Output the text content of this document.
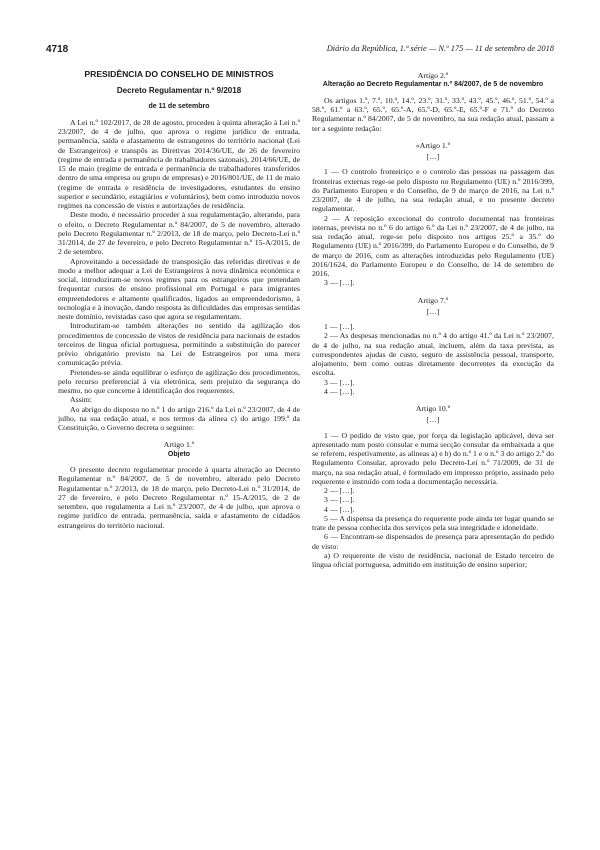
4718	Diário da República, 1.ª série — N.º 175 — 11 de setembro de 2018
PRESIDÊNCIA DO CONSELHO DE MINISTROS
Decreto Regulamentar n.º 9/2018
de 11 de setembro

A Lei n.º 102/2017, de 28 de agosto, procedeu à quinta alteração à Lei n.º 23/2007, de 4 de julho, que aprova o regime jurídico de entrada, permanência, saída e afastamento de estrangeiros do território nacional (Lei de Estrangeiros) e transpôs as Diretivas 2014/36/UE, de 26 de fevereiro (regime de entrada e permanência de trabalhadores sazonais), 2014/66/UE, de 15 de maio (regime de entrada e permanência de trabalhadores transferidos dentro de uma empresa ou grupo de empresas) e 2016/801/UE, de 11 de maio (regime de entrada e residência de investigadores, estudantes do ensino superior e secundário, estagiários e voluntários), bem como introduziu novos regimes na concessão de vistos e autorizações de residência.

Deste modo, é necessário proceder à sua regulamentação, alterando, para o efeito, o Decreto Regulamentar n.º 84/2007, de 5 de novembro, alterado pelo Decreto Regulamentar n.º 2/2013, de 18 de março, pelo Decreto-Lei n.º 31/2014, de 27 de fevereiro, e pelo Decreto Regulamentar n.º 15-A/2015, de 2 de setembro.

Aproveitando a necessidade de transposição das referidas diretivas e de modo a melhor adequar a Lei de Estrangeiros à nova dinâmica económica e social, introduziram-se novos regimes para os estrangeiros que pretendam frequentar cursos de ensino profissional em Portugal e para imigrantes empreendedores e altamente qualificados, ligados ao empreendedorismo, à tecnologia e à inovação, dando resposta às dificuldades das empresas sentidas neste domínio, revistadas caso que agora se regulamentam.

Introduziram-se também alterações no sentido da agilização dos procedimentos de concessão de vistos de residência para nacionais de estados terceiros de língua oficial portuguesa, permitindo a substituição do parecer prévio obrigatório previsto na Lei de Estrangeiros por uma mera comunicação prévia.

Pretendeu-se ainda equilibrar o esforço de agilização dos procedimentos, pelo recurso preferencial à via eletrónica, sem prejuízo da segurança do mesmo, no que concerne à identificação dos requerentes.

Assim:

Ao abrigo do disposto no n.º 1 do artigo 216.º da Lei n.º 23/2007, de 4 de julho, na sua redação atual, e nos termos da alínea c) do artigo 199.º da Constituição, o Governo decreta o seguinte:

Artigo 1.º
Objeto

O presente decreto regulamentar procede à quarta alteração ao Decreto Regulamentar n.º 84/2007, de 5 de novembro, alterado pelo Decreto Regulamentar n.º 2/2013, de 18 de março, pelo Decreto-Lei n.º 31/2014, de 27 de fevereiro, e pelo Decreto Regulamentar n.º 15-A/2015, de 2 de setembro, que regulamenta a Lei n.º 23/2007, de 4 de julho, que aprova o regime jurídico de entrada, permanência, saída e afastamento de cidadãos estrangeiros do território nacional.

Artigo 2.º
Alteração ao Decreto Regulamentar n.º 84/2007, de 5 de novembro

Os artigos 1.º, 7.º, 10.º, 14.º, 23.º, 31.º, 33.º, 43.º, 45.º, 46.º, 51.º, 54.º a 58.º, 61.º a 63.º, 65.º, 65.º-A, 65.º-D, 65.º-E, 65.º-F e 71.º do Decreto Regulamentar n.º 84/2007, de 5 de novembro, na sua redação atual, passam a ter a seguinte redação:

«Artigo 1.º
[…]

1 — O controlo fronteiriço e o controlo das pessoas na passagem das fronteiras externas rege-se pelo disposto no Regulamento (UE) n.º 2016/399, do Parlamento Europeu e do Conselho, de 9 de março de 2016, na Lei n.º 23/2007, de 4 de julho, na sua redação atual, e no presente decreto regulamentar.

2 — A reposição excecional do controlo documental nas fronteiras internas, prevista no n.º 6 do artigo 6.º da Lei n.º 23/2007, de 4 de julho, na sua redação atual, rege-se pelo disposto nos artigos 25.º a 35.º do Regulamento (UE) n.º 2016/399, do Parlamento Europeu e do Conselho, de 9 de março de 2016, com as alterações introduzidas pelo Regulamento (UE) 2016/1624, do Parlamento Europeu e do Conselho, de 14 de setembro de 2016.

3 — […].

Artigo 7.º
[…]

1 — […].

2 — As despesas mencionadas no n.º 4 do artigo 41.º da Lei n.º 23/2007, de 4 de julho, na sua redação atual, incluem, além da taxa prevista, as correspondentes ajudas de custo, seguro de assistência pessoal, transporte, alojamento, bem como outras diretamente decorrentes da execução da escolta.

3 — […].

4 — […].

Artigo 10.º
[…]

1 — O pedido de visto que, por força da legislação aplicável, deva ser apresentado num posto consular e numa secção consular da embaixada a que se referem, respetivamente, as alíneas a) e b) do n.º 1 e o n.º 3 do artigo 2.º do Regulamento Consular, aprovado pelo Decreto-Lei n.º 71/2009, de 31 de março, na sua redação atual, é formulado em impresso próprio, assinado pelo requerente e instruído com toda a documentação necessária.

2 — […].

3 — […].

4 — […].

5 — A dispensa da presença do requerente pode ainda ter lugar quando se trate de pessoa conhecida dos serviços pela sua integridade e idoneidade.

6 — Encontram-se dispensados de presença para apresentação do pedido de visto:

a) O requerente de visto de residência, nacional de Estado terceiro de língua oficial portuguesa, admitido em instituição de ensino superior;
